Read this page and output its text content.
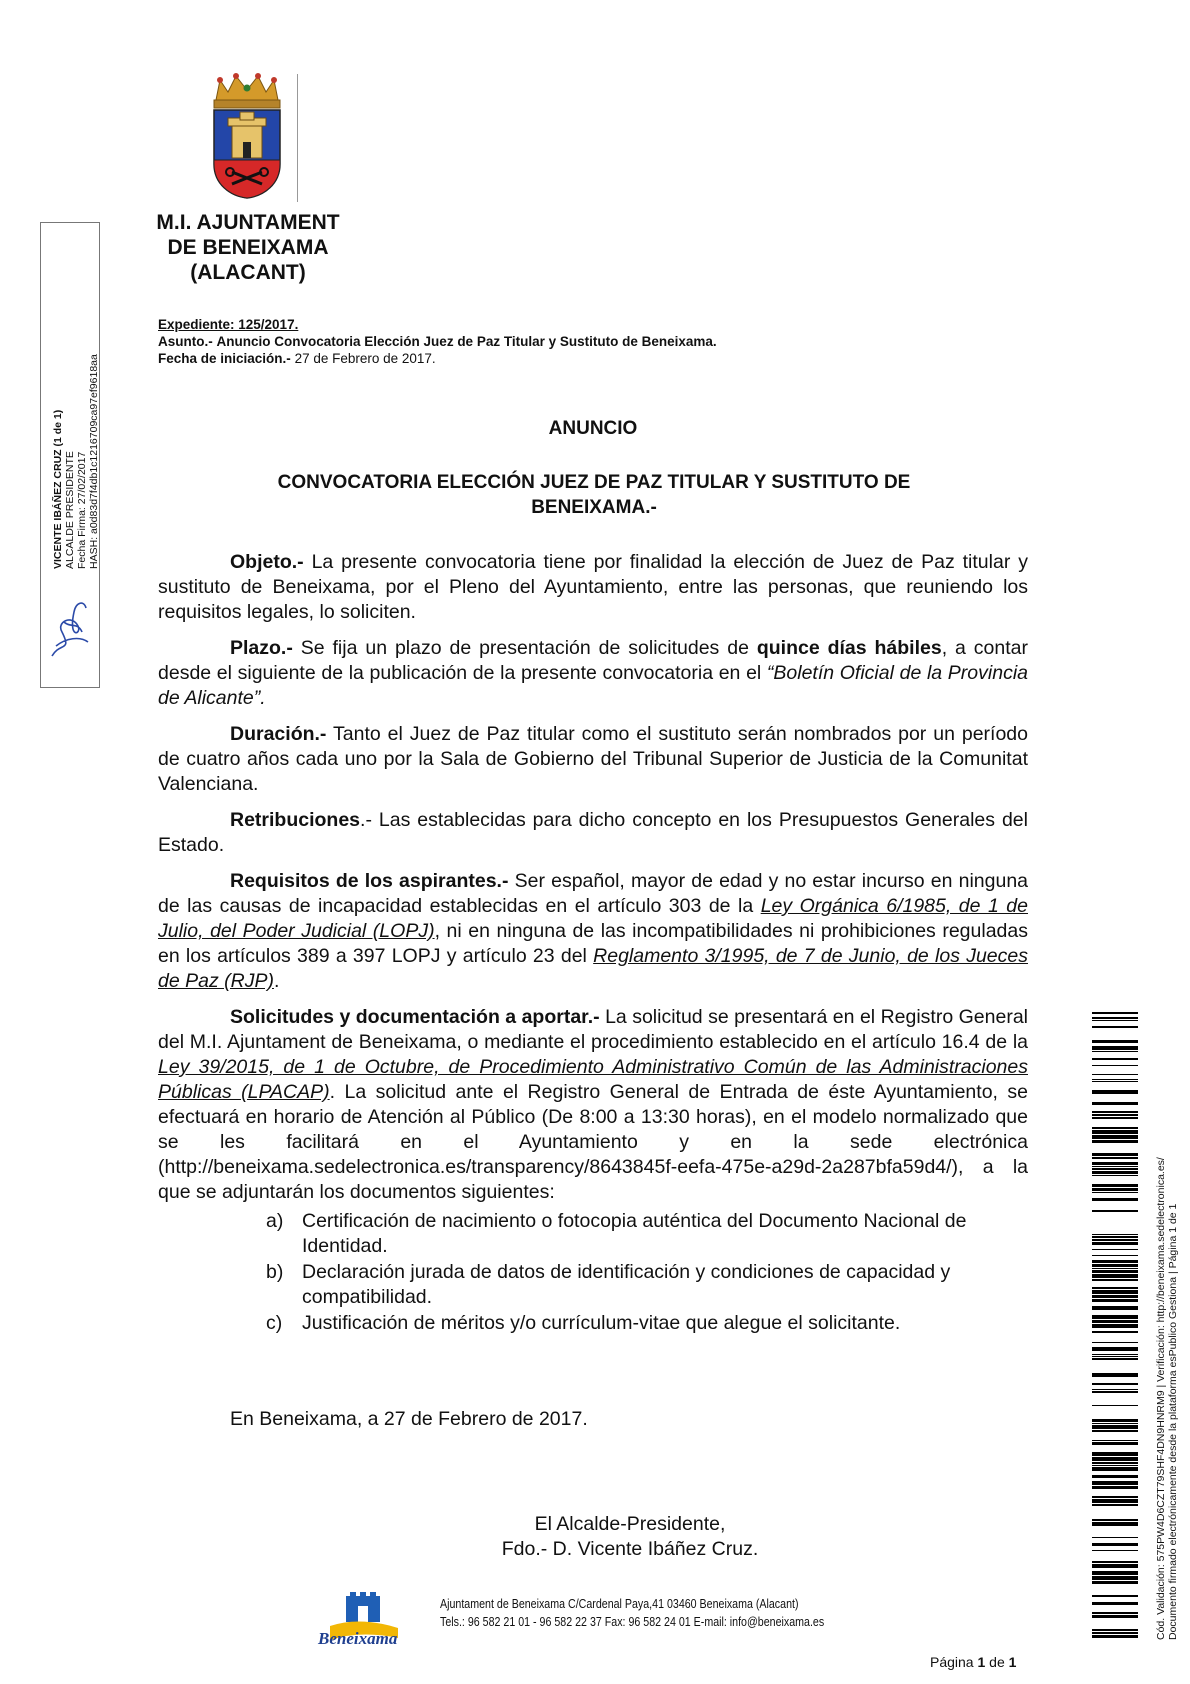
VICENTE IBÁÑEZ CRUZ (1 de 1) ALCALDE PRESIDENTE Fecha Firma: 27/02/2017 HASH: a0d83d7f4db1c1216709ca97ef9618aa
M.I. AJUNTAMENT
DE BENEIXAMA
(ALACANT)
Expediente: 125/2017.
Asunto.- Anuncio Convocatoria Elección Juez de Paz Titular y Sustituto de Beneixama.
Fecha de iniciación.- 27 de Febrero de 2017.
ANUNCIO
CONVOCATORIA ELECCIÓN JUEZ DE PAZ TITULAR Y SUSTITUTO DE BENEIXAMA.-

Objeto.- La presente convocatoria tiene por finalidad la elección de Juez de Paz titular y sustituto de Beneixama, por el Pleno del Ayuntamiento, entre las personas, que reuniendo los requisitos legales, lo soliciten.

Plazo.- Se fija un plazo de presentación de solicitudes de quince días hábiles, a contar desde el siguiente de la publicación de la presente convocatoria en el “Boletín Oficial de la Provincia de Alicante”.

Duración.- Tanto el Juez de Paz titular como el sustituto serán nombrados por un período de cuatro años cada uno por la Sala de Gobierno del Tribunal Superior de Justicia de la Comunitat Valenciana.

Retribuciones.- Las establecidas para dicho concepto en los Presupuestos Generales del Estado.

Requisitos de los aspirantes.- Ser español, mayor de edad y no estar incurso en ninguna de las causas de incapacidad establecidas en el artículo 303 de la Ley Orgánica 6/1985, de 1 de Julio, del Poder Judicial (LOPJ), ni en ninguna de las incompatibilidades ni prohibiciones reguladas en los artículos 389 a 397 LOPJ y artículo 23 del Reglamento 3/1995, de 7 de Junio, de los Jueces de Paz (RJP).

Solicitudes y documentación a aportar.- La solicitud se presentará en el Registro General del M.I. Ajuntament de Beneixama, o mediante el procedimiento establecido en el artículo 16.4 de la Ley 39/2015, de 1 de Octubre, de Procedimiento Administrativo Común de las Administraciones Públicas (LPACAP). La solicitud ante el Registro General de Entrada de éste Ayuntamiento, se efectuará en horario de Atención al Público (De 8:00 a 13:30 horas), en el modelo normalizado que se les facilitará en el Ayuntamiento y en la sede electrónica (http://beneixama.sedelectronica.es/transparency/8643845f-eefa-475e-a29d-2a287bfa59d4/), a la que se adjuntarán los documentos siguientes:

a) Certificación de nacimiento o fotocopia auténtica del Documento Nacional de Identidad.
b) Declaración jurada de datos de identificación y condiciones de capacidad y compatibilidad.
c) Justificación de méritos y/o currículum-vitae que alegue el solicitante.
En Beneixama, a 27 de Febrero de 2017.
El Alcalde-Presidente,
Fdo.- D. Vicente Ibáñez Cruz.
Beneixama
Ajuntament de Beneixama C/Cardenal Paya,41 03460 Beneixama (Alacant)
Tels.: 96 582 21 01 - 96 582 22 37 Fax: 96 582 24 01 E-mail: info@beneixama.es
Página 1 de 1
Cód. Validación: 575PW4D6CZT79SHF4DN9HNRM9 | Verificación: http://beneixama.sedelectronica.es/ Documento firmado electrónicamente desde la plataforma esPublico Gestiona | Página 1 de 1
